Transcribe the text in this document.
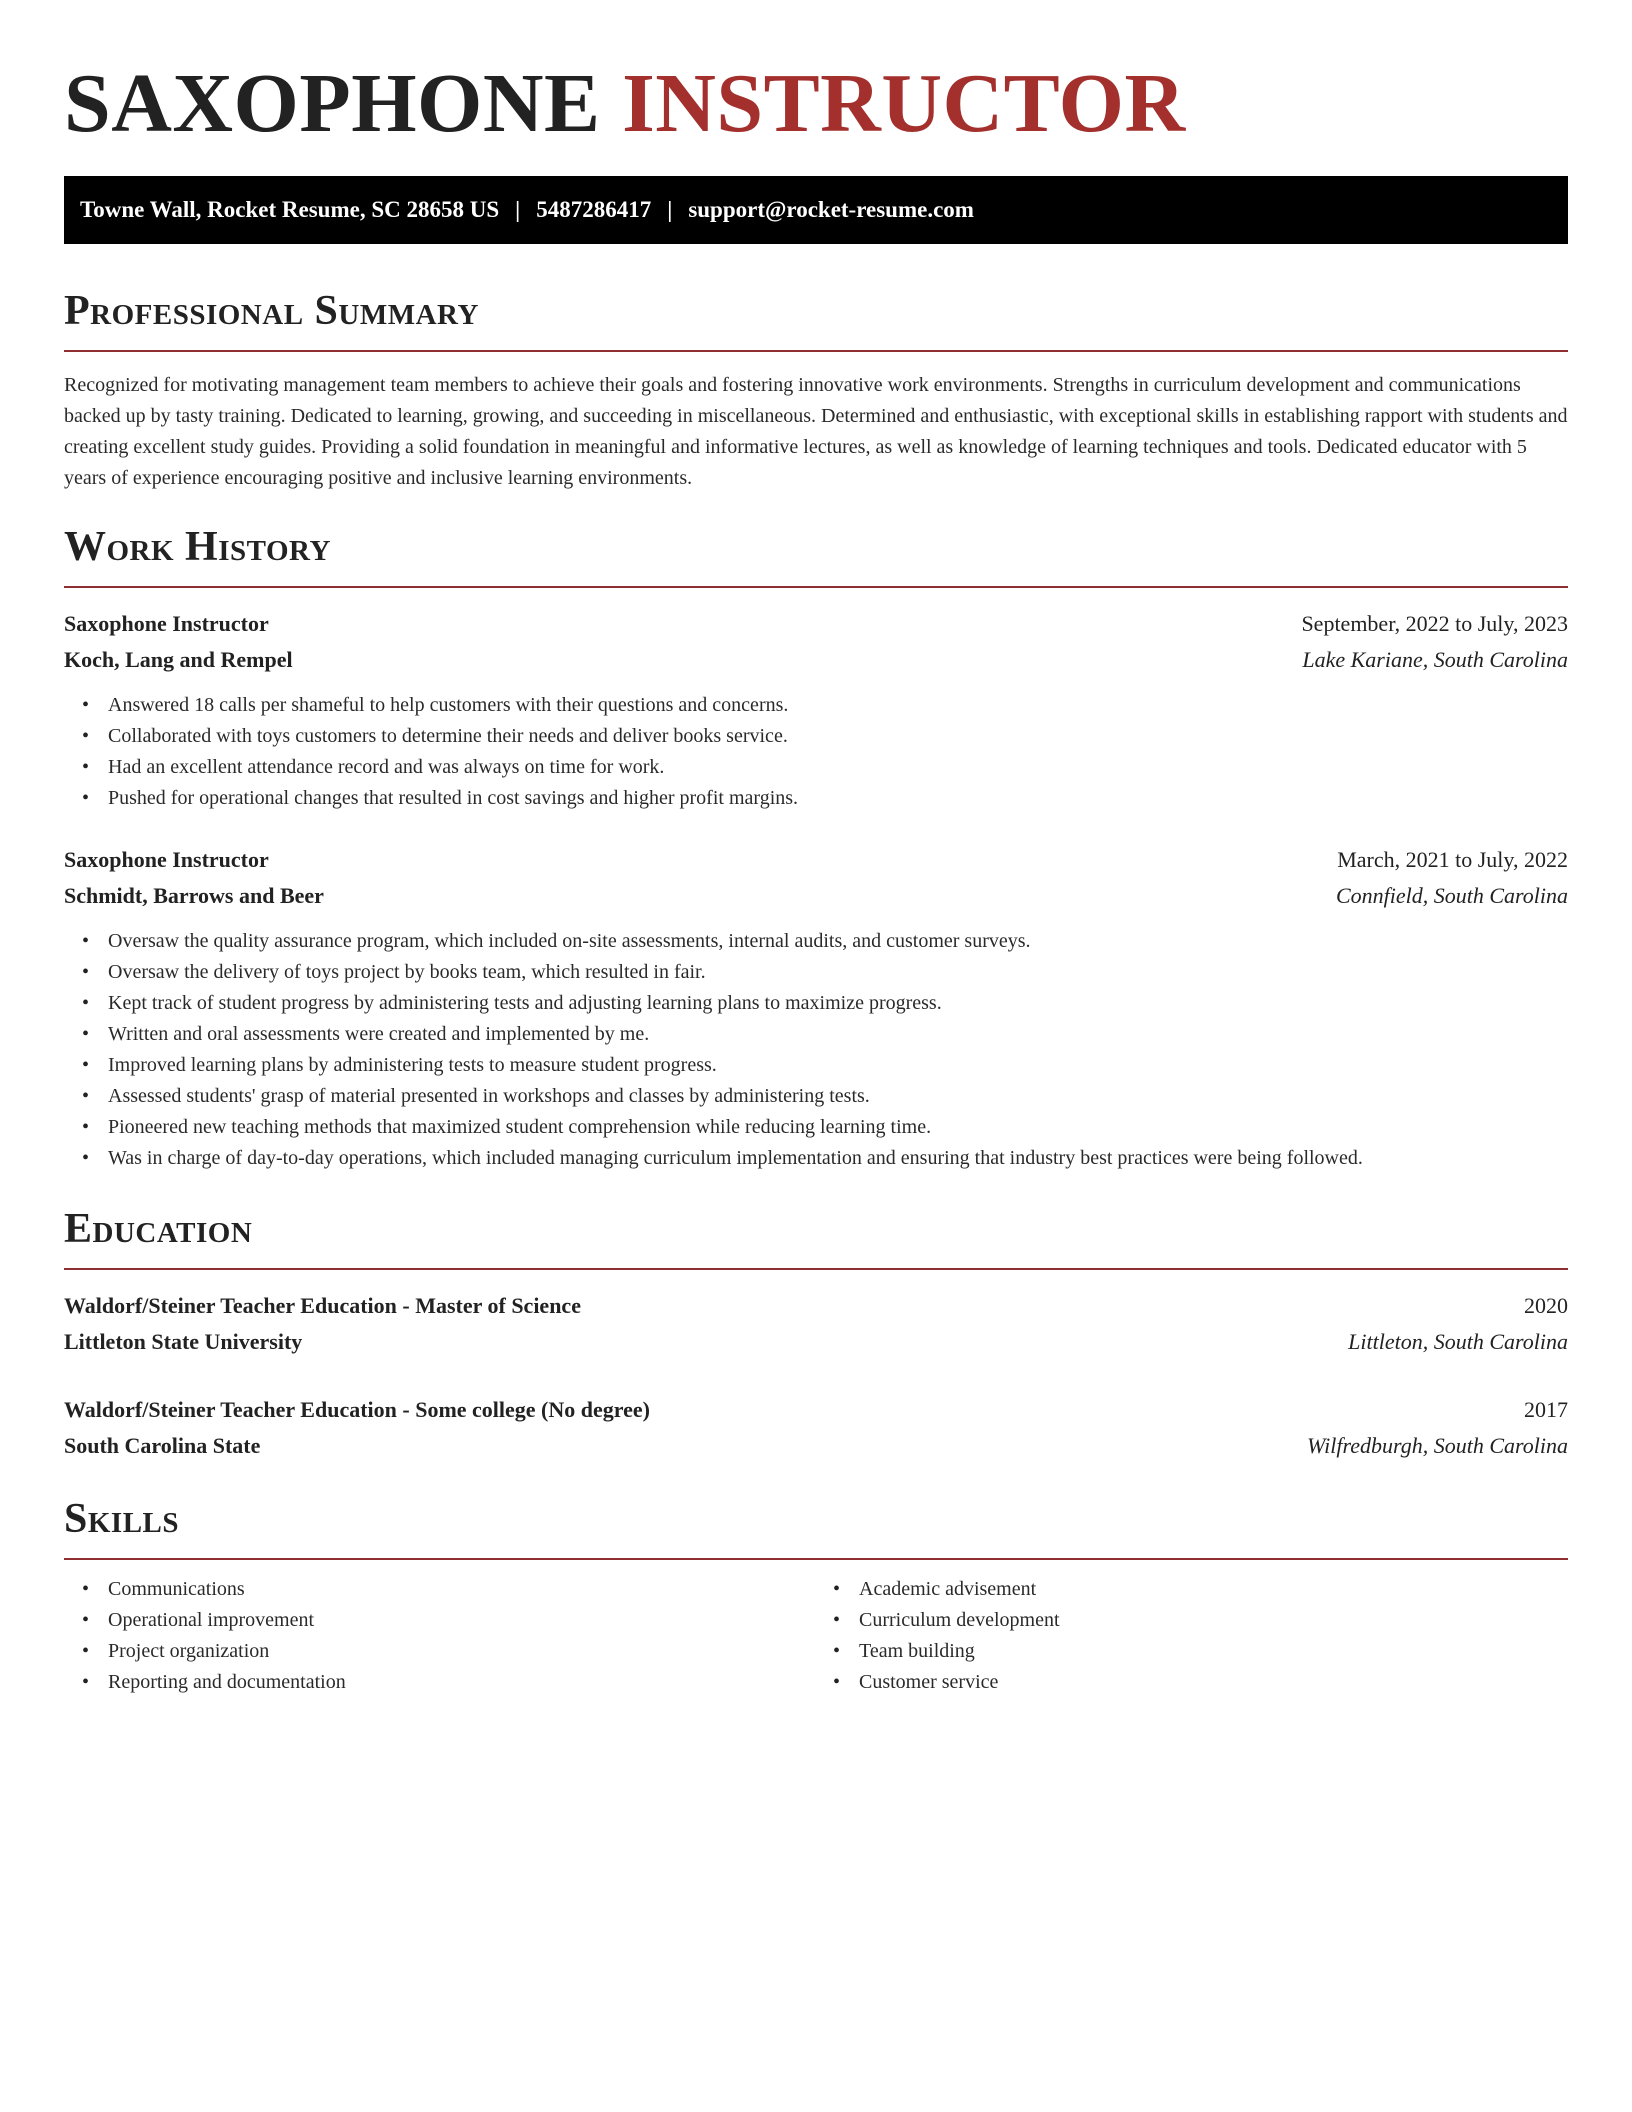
SAXOPHONE INSTRUCTOR
Towne Wall, Rocket Resume, SC 28658 US | 5487286417 | support@rocket-resume.com
Professional Summary

Recognized for motivating management team members to achieve their goals and fostering innovative work environments. Strengths in curriculum development and communications backed up by tasty training. Dedicated to learning, growing, and succeeding in miscellaneous. Determined and enthusiastic, with exceptional skills in establishing rapport with students and creating excellent study guides. Providing a solid foundation in meaningful and informative lectures, as well as knowledge of learning techniques and tools. Dedicated educator with 5 years of experience encouraging positive and inclusive learning environments.

Work History
Saxophone Instructor	September, 2022 to July, 2023
Koch, Lang and Rempel	Lake Kariane, South Carolina
• Answered 18 calls per shameful to help customers with their questions and concerns.
• Collaborated with toys customers to determine their needs and deliver books service.
• Had an excellent attendance record and was always on time for work.
• Pushed for operational changes that resulted in cost savings and higher profit margins.
Saxophone Instructor	March, 2021 to July, 2022
Schmidt, Barrows and Beer	Connfield, South Carolina
• Oversaw the quality assurance program, which included on-site assessments, internal audits, and customer surveys.
• Oversaw the delivery of toys project by books team, which resulted in fair.
• Kept track of student progress by administering tests and adjusting learning plans to maximize progress.
• Written and oral assessments were created and implemented by me.
• Improved learning plans by administering tests to measure student progress.
• Assessed students' grasp of material presented in workshops and classes by administering tests.
• Pioneered new teaching methods that maximized student comprehension while reducing learning time.
• Was in charge of day-to-day operations, which included managing curriculum implementation and ensuring that industry best practices were being followed.
Education
Waldorf/Steiner Teacher Education - Master of Science	2020
Littleton State University	Littleton, South Carolina
Waldorf/Steiner Teacher Education - Some college (No degree)	2017
South Carolina State	Wilfredburgh, South Carolina
Skills
• Communications
• Operational improvement
• Project organization
• Reporting and documentation
• Academic advisement
• Curriculum development
• Team building
• Customer service
